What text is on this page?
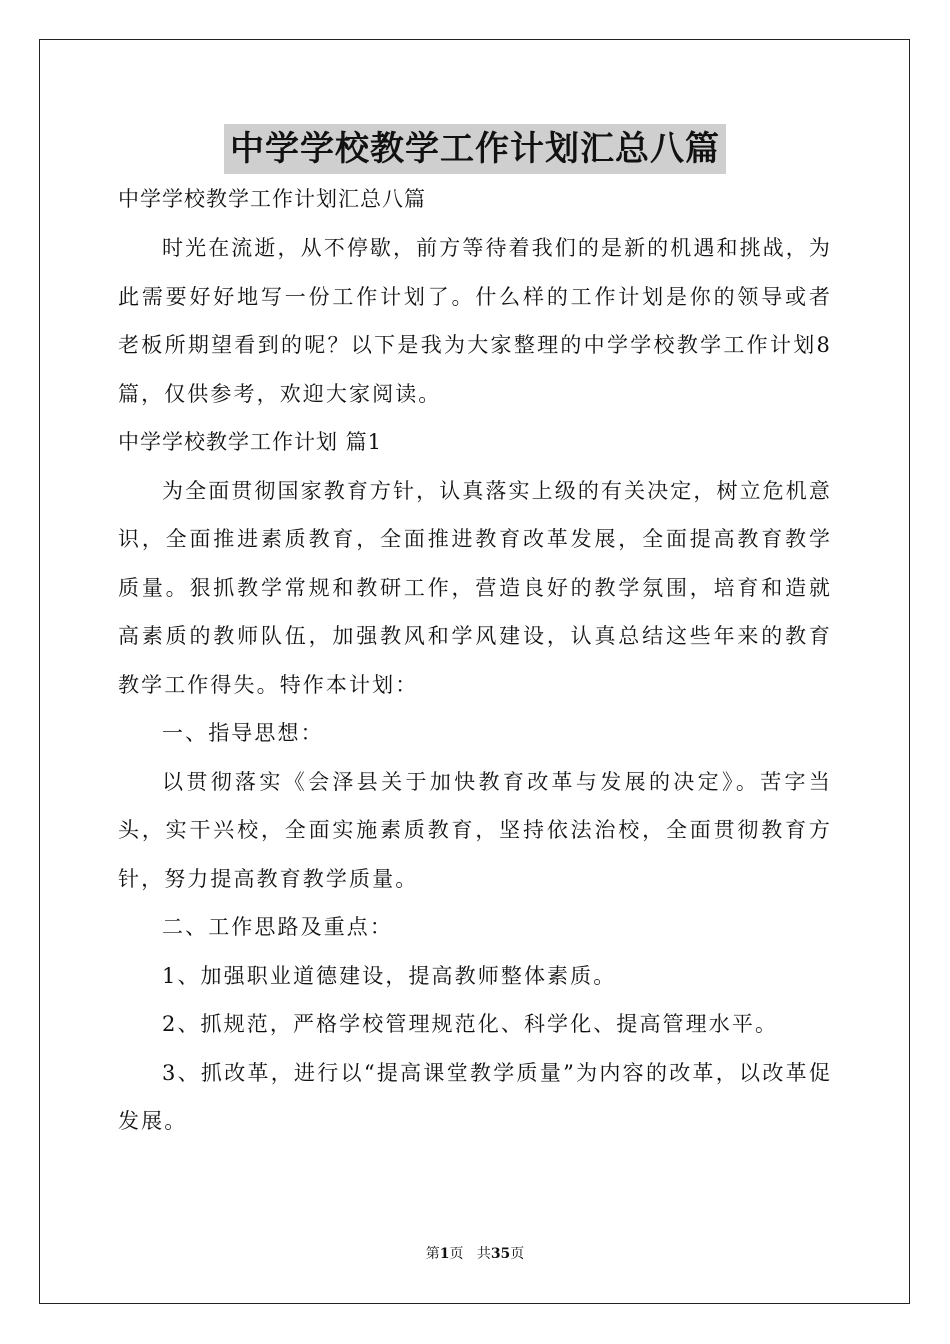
中学学校教学工作计划汇总八篇
中学学校教学工作计划汇总八篇

时光在流逝，从不停歇，前方等待着我们的是新的机遇和挑战，为此需要好好地写一份工作计划了。什么样的工作计划是你的领导或者老板所期望看到的呢？以下是我为大家整理的中学学校教学工作计划8篇，仅供参考，欢迎大家阅读。

中学学校教学工作计划 篇1

为全面贯彻国家教育方针，认真落实上级的有关决定，树立危机意识，全面推进素质教育，全面推进教育改革发展，全面提高教育教学质量。狠抓教学常规和教研工作，营造良好的教学氛围，培育和造就高素质的教师队伍，加强教风和学风建设，认真总结这些年来的教育教学工作得失。特作本计划：

一、指导思想：

以贯彻落实《会泽县关于加快教育改革与发展的决定》。苦字当头，实干兴校，全面实施素质教育，坚持依法治校，全面贯彻教育方针，努力提高教育教学质量。

二、工作思路及重点：

1、加强职业道德建设，提高教师整体素质。

2、抓规范，严格学校管理规范化、科学化、提高管理水平。

3、抓改革，进行以“提高课堂教学质量”为内容的改革，以改革促发展。

第1页 共35页
